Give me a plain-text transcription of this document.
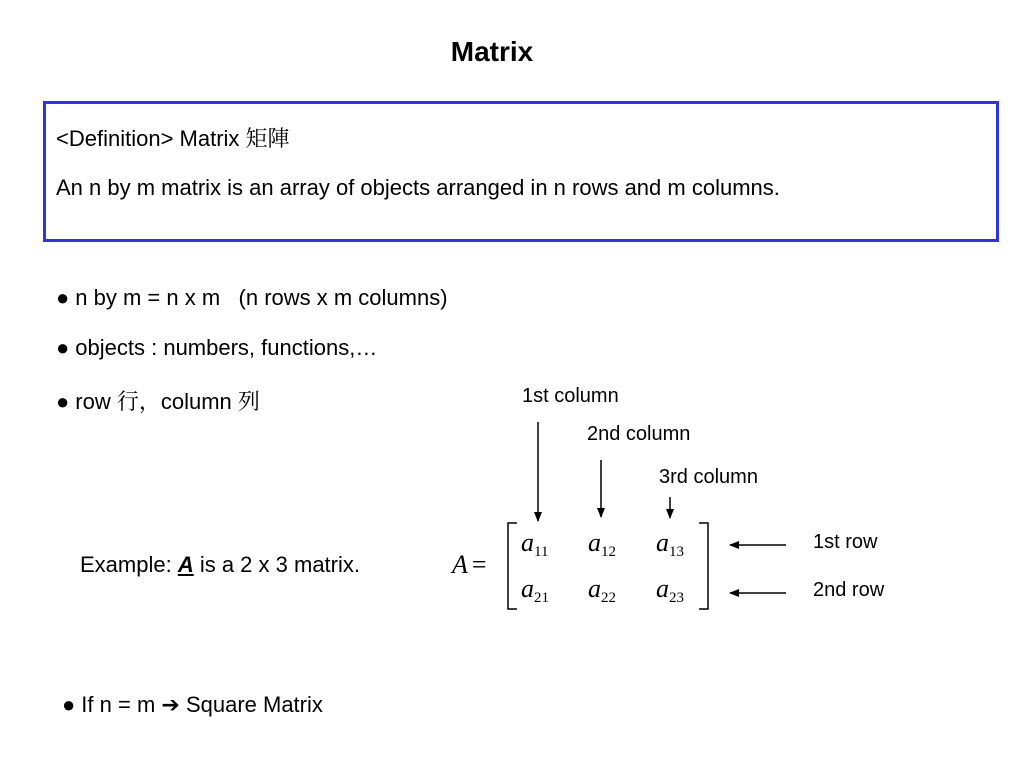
Matrix
<Definition> Matrix 矩陣
An n by m matrix is an array of objects arranged in n rows and m columns.
● n by m = n x m   (n rows x m columns)
● objects : numbers, functions,…
● row 行，column 列	1st column
2nd column
3rd column
1st row
2nd row
Example: A is a 2 x 3 matrix.	A =
$a_{11}$ $a_{12}$ $a_{13}$
$a_{21}$ $a_{22}$ $a_{23}$
● If n = m ➔ Square Matrix
